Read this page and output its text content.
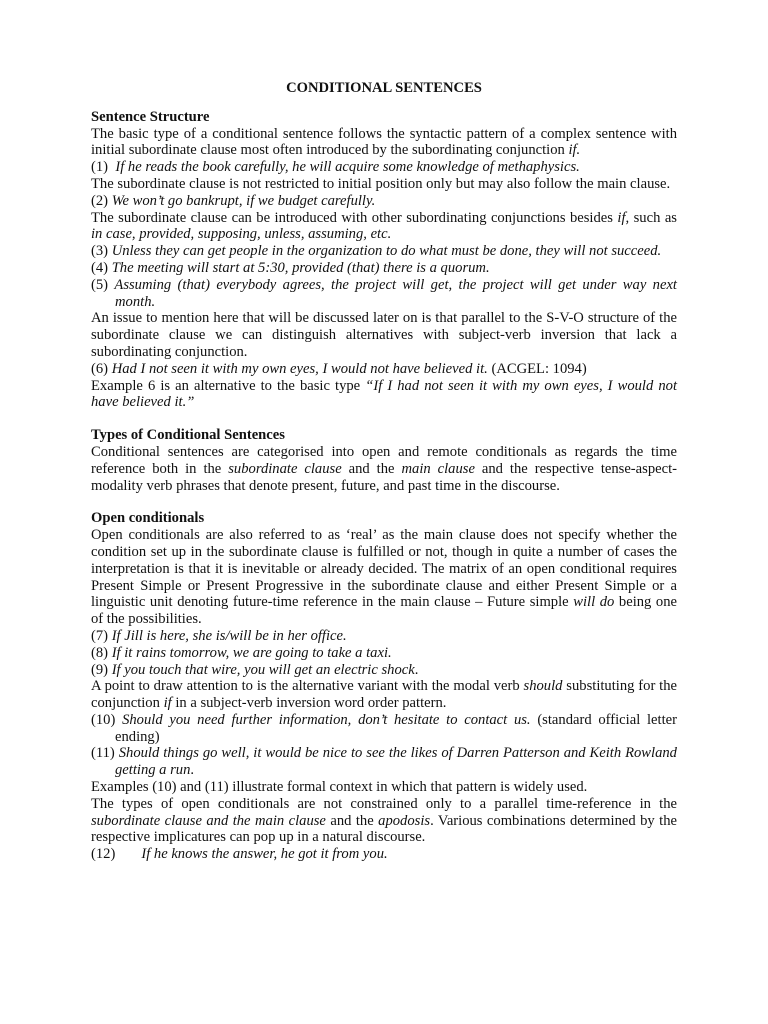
CONDITIONAL SENTENCES
Sentence Structure

The basic type of a conditional sentence follows the syntactic pattern of a complex sentence with initial subordinate clause most often introduced by the subordinating conjunction if.

(1) If he reads the book carefully, he will acquire some knowledge of methaphysics.

The subordinate clause is not restricted to initial position only but may also follow the main clause.

(2) We won’t go bankrupt, if we budget carefully.

The subordinate clause can be introduced with other subordinating conjunctions besides if, such as in case, provided, supposing, unless, assuming, etc.

(3) Unless they can get people in the organization to do what must be done, they will not succeed.
(4) The meeting will start at 5:30, provided (that) there is a quorum.
(5) Assuming (that) everybody agrees, the project will get, the project will get under way next month.

An issue to mention here that will be discussed later on is that parallel to the S-V-O structure of the subordinate clause we can distinguish alternatives with subject-verb inversion that lack a subordinating conjunction.

(6) Had I not seen it with my own eyes, I would not have believed it. (ACGEL: 1094)

Example 6 is an alternative to the basic type “If I had not seen it with my own eyes, I would not have believed it.”

Types of Conditional Sentences

Conditional sentences are categorised into open and remote conditionals as regards the time reference both in the subordinate clause and the main clause and the respective tense-aspect-modality verb phrases that denote present, future, and past time in the discourse.

Open conditionals

Open conditionals are also referred to as ‘real’ as the main clause does not specify whether the condition set up in the subordinate clause is fulfilled or not, though in quite a number of cases the interpretation is that it is inevitable or already decided. The matrix of an open conditional requires Present Simple or Present Progressive in the subordinate clause and either Present Simple or a linguistic unit denoting future-time reference in the main clause – Future simple will do being one of the possibilities.

(7) If Jill is here, she is/will be in her office.
(8) If it rains tomorrow, we are going to take a taxi.
(9) If you touch that wire, you will get an electric shock.

A point to draw attention to is the alternative variant with the modal verb should substituting for the conjunction if in a subject-verb inversion word order pattern.

(10) Should you need further information, don’t hesitate to contact us. (standard official letter ending)
(11) Should things go well, it would be nice to see the likes of Darren Patterson and Keith Rowland getting a run.

Examples (10) and (11) illustrate formal context in which that pattern is widely used.

The types of open conditionals are not constrained only to a parallel time-reference in the subordinate clause and the main clause and the apodosis. Various combinations determined by the respective implicatures can pop up in a natural discourse.

(12) If he knows the answer, he got it from you.
